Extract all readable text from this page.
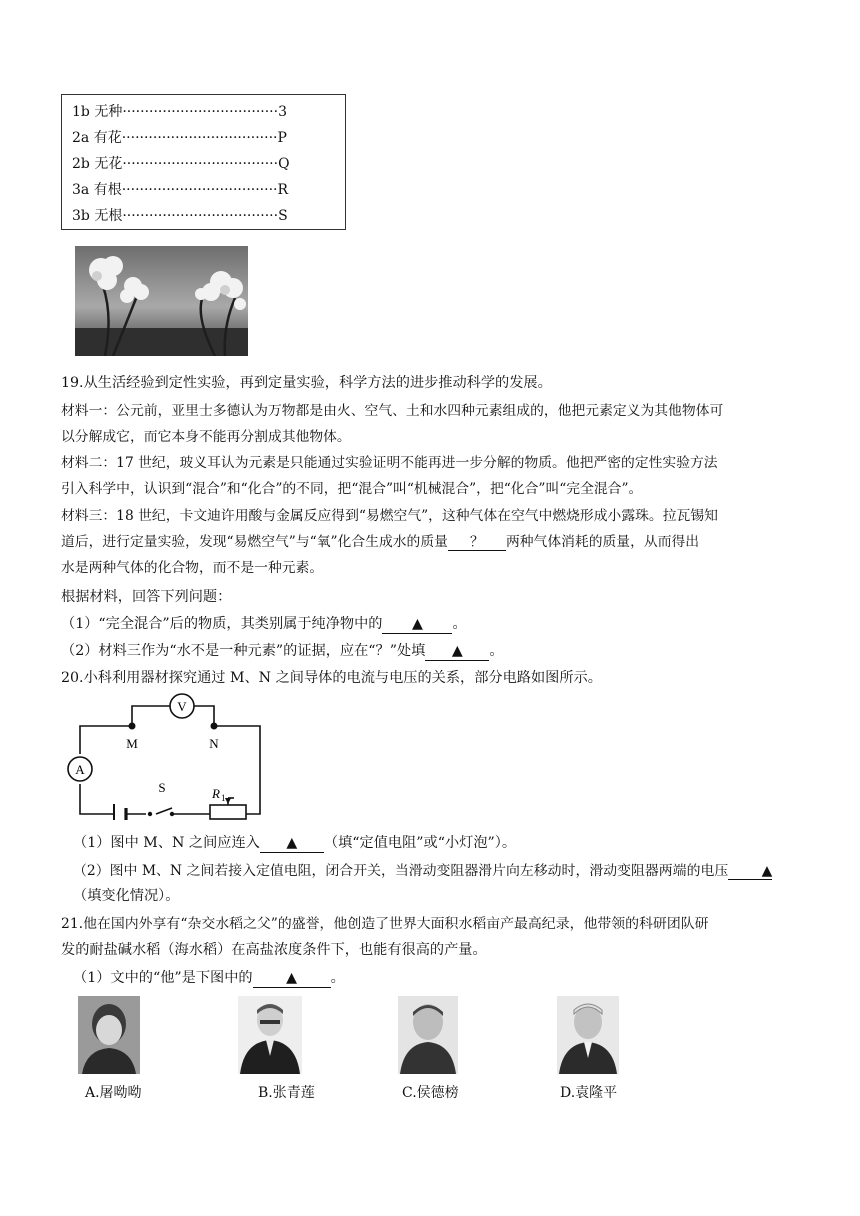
1b 无种···································3
2a 有花···································P
2b 无花···································Q
3a 有根···································R
3b 无根···································S
19.从生活经验到定性实验，再到定量实验，科学方法的进步推动科学的发展。
材料一：公元前，亚里士多德认为万物都是由火、空气、土和水四种元素组成的，他把元素定义为其他物体可
以分解成它，而它本身不能再分割成其他物体。
材料二：17 世纪，玻义耳认为元素是只能通过实验证明不能再进一步分解的物质。他把严密的定性实验方法
引入科学中，认识到“混合”和“化合”的不同，把“混合”叫“机械混合”，把“化合”叫“完全混合”。
材料三：18 世纪，卡文迪许用酸与金属反应得到“易燃空气”，这种气体在空气中燃烧形成小露珠。拉瓦锡知
道后，进行定量实验，发现“易燃空气”与“氧”化合生成水的质量 ？ 两种气体消耗的质量，从而得出
水是两种气体的化合物，而不是一种元素。
根据材料，回答下列问题：
（1）“完全混合”后的物质，其类别属于纯净物中的 ▲ 。
（2）材料三作为“水不是一种元素”的证据，应在“？”处填 ▲ 。
20.小科利用器材探究通过 M、N 之间导体的电流与电压的关系，部分电路如图所示。
V
A
M	N
S	R 1
（1）图中 M、N 之间应连入 ▲ （填“定值电阻”或“小灯泡”）。
（2）图中 M、N 之间若接入定值电阻，闭合开关，当滑动变阻器滑片向左移动时，滑动变阻器两端的电压 ▲
（填变化情况）。
21.他在国内外享有“杂交水稻之父”的盛誉，他创造了世界大面积水稻亩产最高纪录，他带领的科研团队研
发的耐盐碱水稻（海水稻）在高盐浓度条件下，也能有很高的产量。
（1）文中的“他”是下图中的 ▲ 。
A.屠呦呦	B.张青莲	C.侯德榜	D.袁隆平
